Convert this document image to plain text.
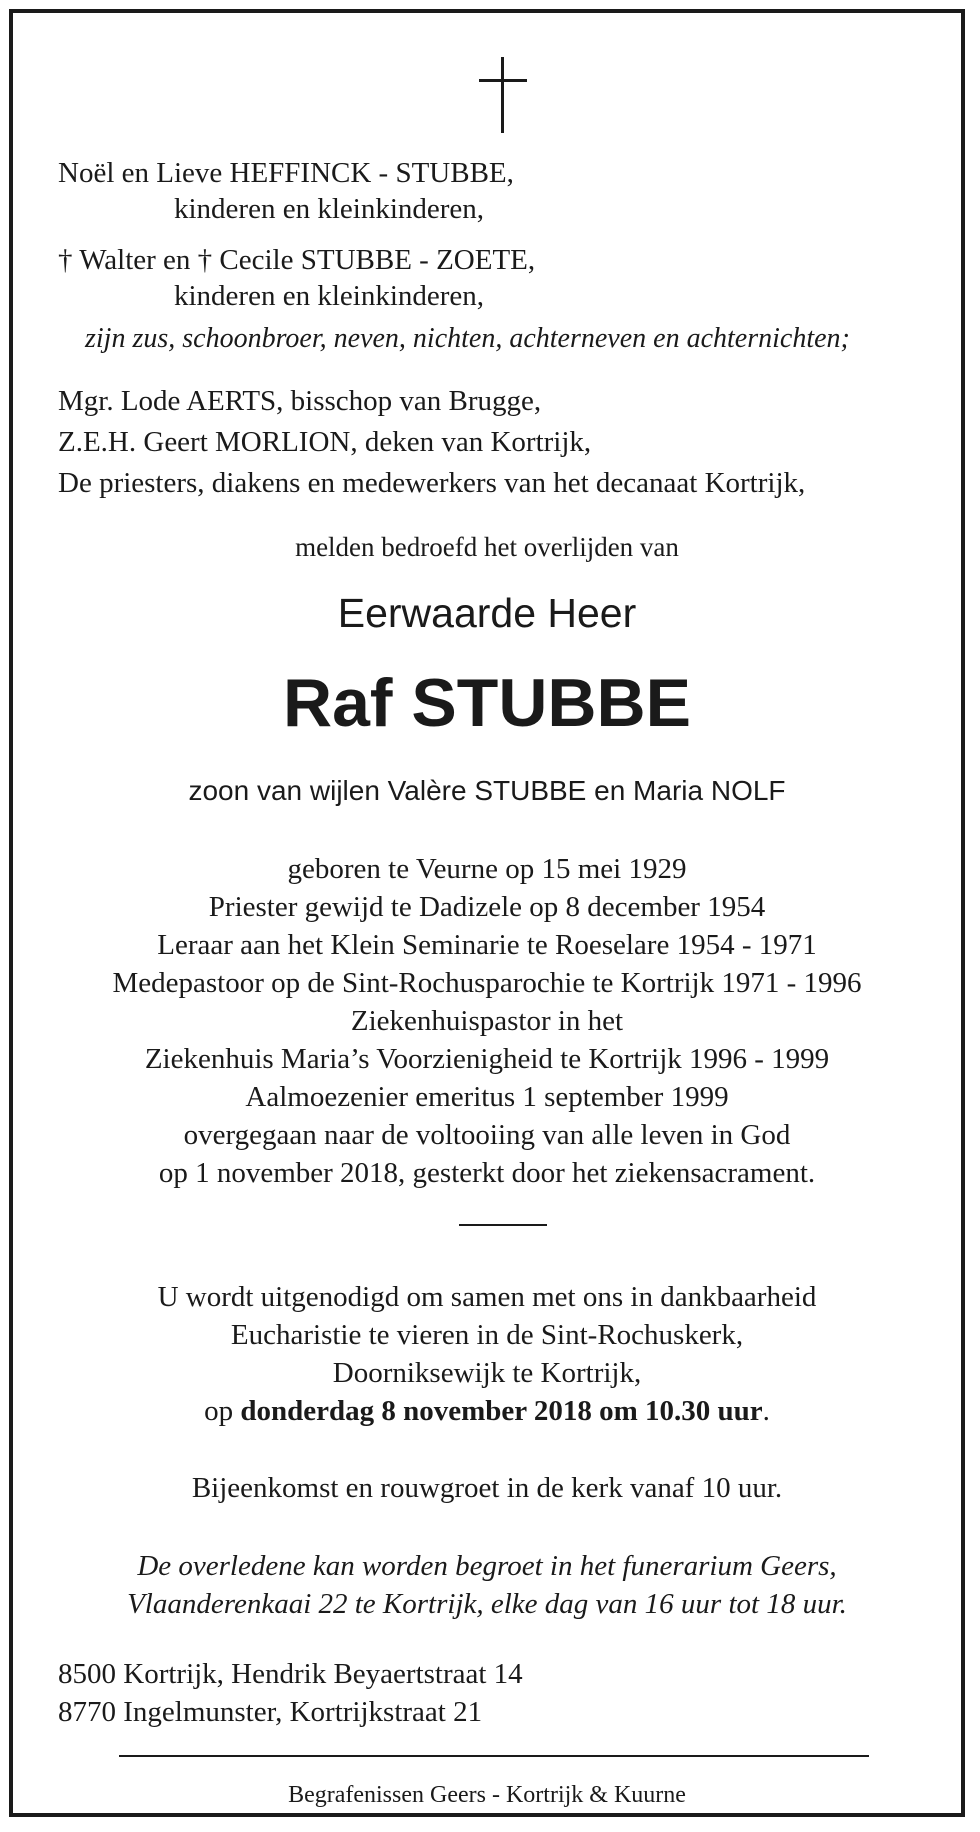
Noël en Lieve HEFFINCK - STUBBE,
kinderen en kleinkinderen,
† Walter en † Cecile STUBBE - ZOETE,
kinderen en kleinkinderen,
zijn zus, schoonbroer, neven, nichten, achterneven en achternichten;
Mgr. Lode AERTS, bisschop van Brugge,
Z.E.H. Geert MORLION, deken van Kortrijk,
De priesters, diakens en medewerkers van het decanaat Kortrijk,
melden bedroefd het overlijden van
Eerwaarde Heer
Raf STUBBE
zoon van wijlen Valère STUBBE en Maria NOLF
geboren te Veurne op 15 mei 1929
Priester gewijd te Dadizele op 8 december 1954
Leraar aan het Klein Seminarie te Roeselare 1954 - 1971
Medepastoor op de Sint-Rochusparochie te Kortrijk 1971 - 1996
Ziekenhuispastor in het
Ziekenhuis Maria’s Voorzienigheid te Kortrijk 1996 - 1999
Aalmoezenier emeritus 1 september 1999
overgegaan naar de voltooiing van alle leven in God
op 1 november 2018, gesterkt door het ziekensacrament.
U wordt uitgenodigd om samen met ons in dankbaarheid
Eucharistie te vieren in de Sint-Rochuskerk,
Doorniksewijk te Kortrijk,
op donderdag 8 november 2018 om 10.30 uur.
Bijeenkomst en rouwgroet in de kerk vanaf 10 uur.
De overledene kan worden begroet in het funerarium Geers,
Vlaanderenkaai 22 te Kortrijk, elke dag van 16 uur tot 18 uur.
8500 Kortrijk, Hendrik Beyaertstraat 14
8770 Ingelmunster, Kortrijkstraat 21
Begrafenissen Geers - Kortrijk & Kuurne
